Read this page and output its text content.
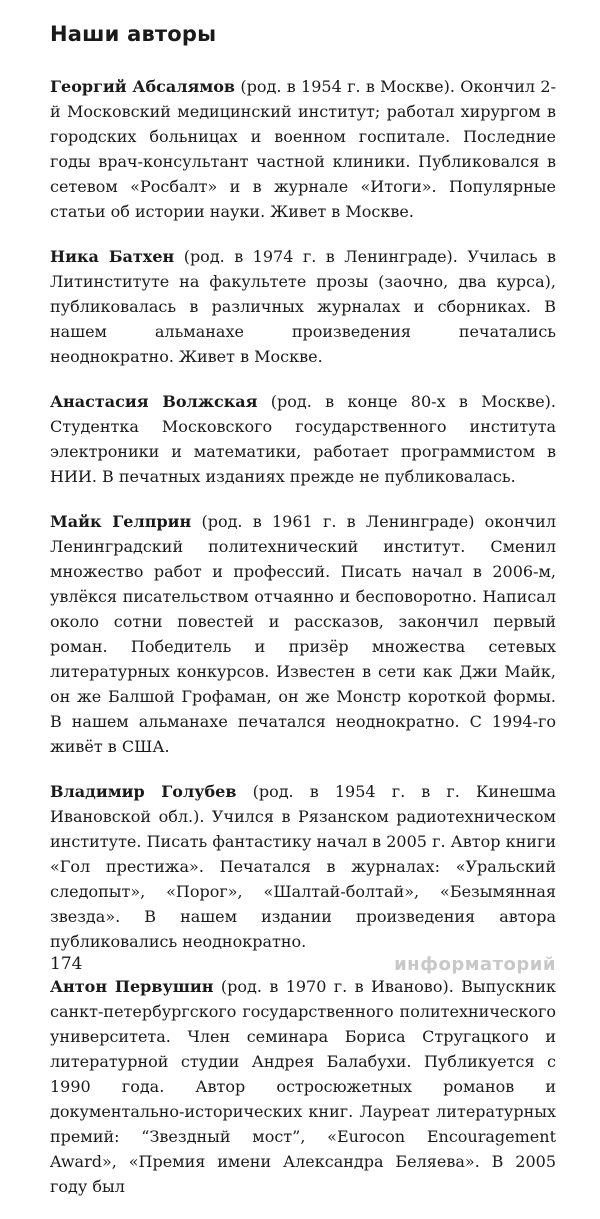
Наши авторы

Георгий Абсалямов (род. в 1954 г. в Москве). Окончил 2-й Московский медицинский институт; работал хирургом в городских больницах и военном госпитале. Последние годы врач-консультант частной клиники. Публиковался в сетевом «Росбалт» и в журнале «Итоги». Популярные статьи об истории науки. Живет в Москве.

Ника Батхен (род. в 1974 г. в Ленинграде). Училась в Литинституте на факультете прозы (заочно, два курса), публиковалась в различных журналах и сборниках. В нашем альманахе произведения печатались неоднократно. Живет в Москве.

Анастасия Волжская (род. в конце 80-х в Москве). Студентка Московского государственного института электроники и математики, работает программистом в НИИ. В печатных изданиях прежде не публиковалась.

Майк Гелприн (род. в 1961 г. в Ленинграде) окончил Ленинградский политехнический институт. Сменил множество работ и профессий. Писать начал в 2006-м, увлёкся писательством отчаянно и бесповоротно. Написал около сотни повестей и рассказов, закончил первый роман. Победитель и призёр множества сетевых литературных конкурсов. Известен в сети как Джи Майк, он же Балшой Грофаман, он же Монстр короткой формы. В нашем альманахе печатался неоднократно. С 1994-го живёт в США.

Владимир Голубев (род. в 1954 г. в г. Кинешма Ивановской обл.). Учился в Рязанском радиотехническом институте. Писать фантастику начал в 2005 г. Автор книги «Гол престижа». Печатался в журналах: «Уральский следопыт», «Порог», «Шалтай-болтай», «Безымянная звезда». В нашем издании произведения автора публиковались неоднократно.

Антон Первушин (род. в 1970 г. в Иваново). Выпускник санкт-петербургского государственного политехнического университета. Член семинара Бориса Стругацкого и литературной студии Андрея Балабухи. Публикуется с 1990 года. Автор остросюжетных романов и документально-исторических книг. Лауреат литературных премий: “Звездный мост”, «Eurocon Encouragement Award», «Премия имени Александра Беляева». В 2005 году был

174	информаторий
